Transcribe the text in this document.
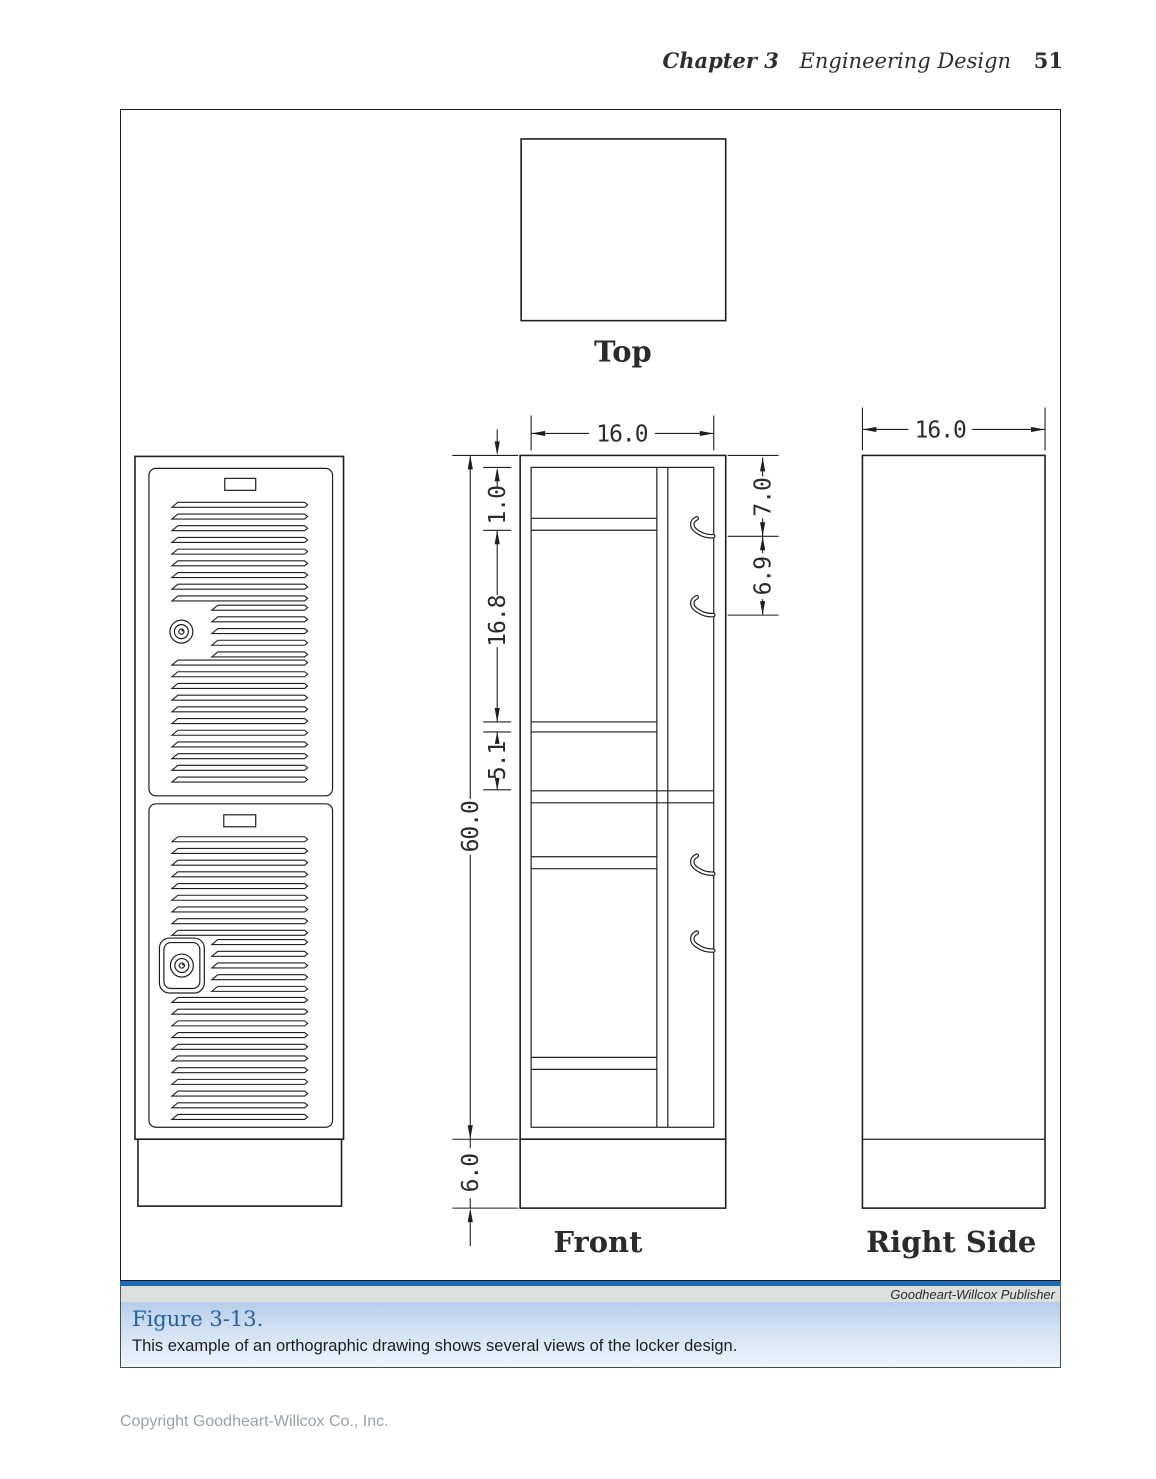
Chapter 3 Engineering Design 51
Top
Front	Right Side
16.0	16.0
1.0
16.8
5.1
60.0
6.0
7.0
6.9
Goodheart-Willcox Publisher

Figure 3-13.

This example of an orthographic drawing shows several views of the locker design.

Copyright Goodheart-Willcox Co., Inc.
